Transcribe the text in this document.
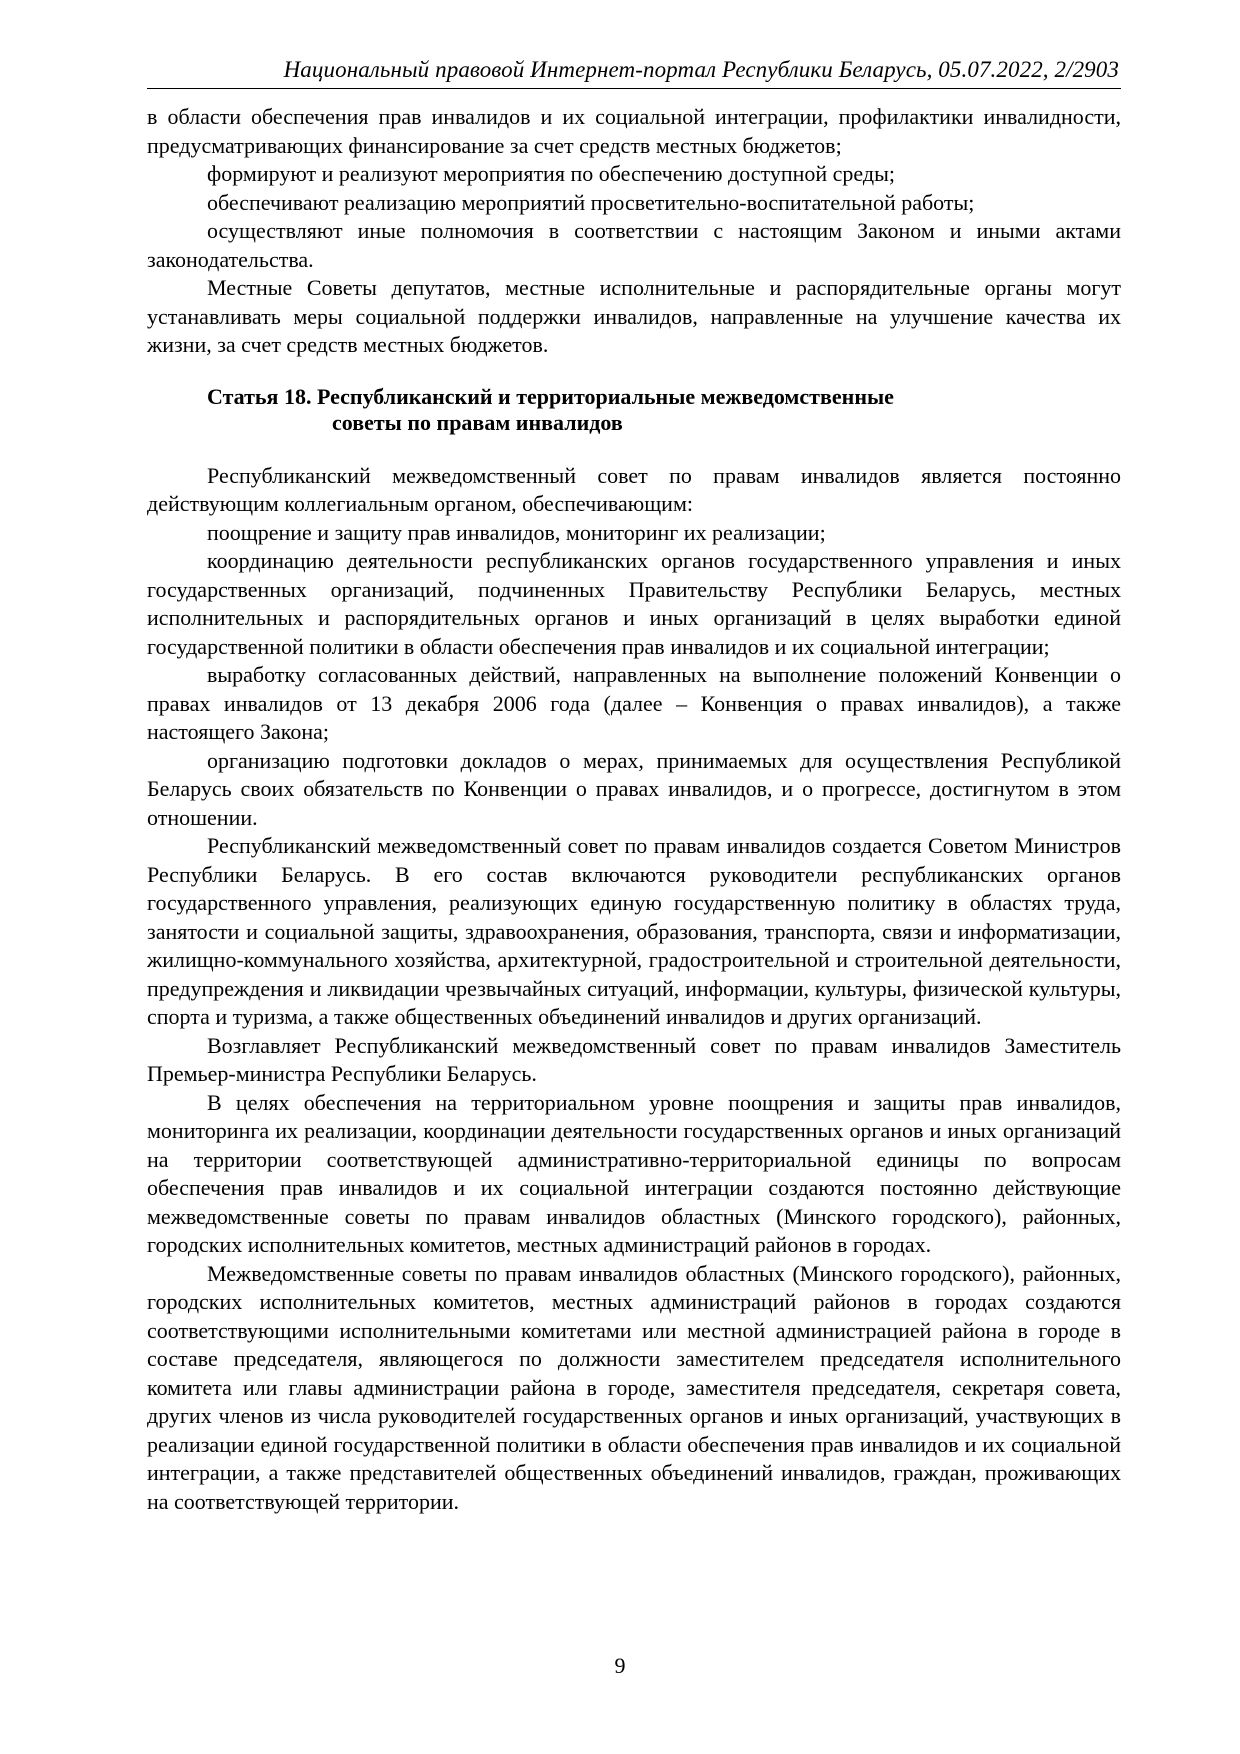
Национальный правовой Интернет-портал Республики Беларусь, 05.07.2022, 2/2903

в области обеспечения прав инвалидов и их социальной интеграции, профилактики инвалидности, предусматривающих финансирование за счет средств местных бюджетов;

формируют и реализуют мероприятия по обеспечению доступной среды;

обеспечивают реализацию мероприятий просветительно-воспитательной работы;

осуществляют иные полномочия в соответствии с настоящим Законом и иными актами законодательства.

Местные Советы депутатов, местные исполнительные и распорядительные органы могут устанавливать меры социальной поддержки инвалидов, направленные на улучшение качества их жизни, за счет средств местных бюджетов.

Статья 18. Республиканский и территориальные межведомственные
советы по правам инвалидов

Республиканский межведомственный совет по правам инвалидов является постоянно действующим коллегиальным органом, обеспечивающим:

поощрение и защиту прав инвалидов, мониторинг их реализации;

координацию деятельности республиканских органов государственного управления и иных государственных организаций, подчиненных Правительству Республики Беларусь, местных исполнительных и распорядительных органов и иных организаций в целях выработки единой государственной политики в области обеспечения прав инвалидов и их социальной интеграции;

выработку согласованных действий, направленных на выполнение положений Конвенции о правах инвалидов от 13 декабря 2006 года (далее – Конвенция о правах инвалидов), а также настоящего Закона;

организацию подготовки докладов о мерах, принимаемых для осуществления Республикой Беларусь своих обязательств по Конвенции о правах инвалидов, и о прогрессе, достигнутом в этом отношении.

Республиканский межведомственный совет по правам инвалидов создается Советом Министров Республики Беларусь. В его состав включаются руководители республиканских органов государственного управления, реализующих единую государственную политику в областях труда, занятости и социальной защиты, здравоохранения, образования, транспорта, связи и информатизации, жилищно-коммунального хозяйства, архитектурной, градостроительной и строительной деятельности, предупреждения и ликвидации чрезвычайных ситуаций, информации, культуры, физической культуры, спорта и туризма, а также общественных объединений инвалидов и других организаций.

Возглавляет Республиканский межведомственный совет по правам инвалидов Заместитель Премьер-министра Республики Беларусь.

В целях обеспечения на территориальном уровне поощрения и защиты прав инвалидов, мониторинга их реализации, координации деятельности государственных органов и иных организаций на территории соответствующей административно-территориальной единицы по вопросам обеспечения прав инвалидов и их социальной интеграции создаются постоянно действующие межведомственные советы по правам инвалидов областных (Минского городского), районных, городских исполнительных комитетов, местных администраций районов в городах.

Межведомственные советы по правам инвалидов областных (Минского городского), районных, городских исполнительных комитетов, местных администраций районов в городах создаются соответствующими исполнительными комитетами или местной администрацией района в городе в составе председателя, являющегося по должности заместителем председателя исполнительного комитета или главы администрации района в городе, заместителя председателя, секретаря совета, других членов из числа руководителей государственных органов и иных организаций, участвующих в реализации единой государственной политики в области обеспечения прав инвалидов и их социальной интеграции, а также представителей общественных объединений инвалидов, граждан, проживающих на соответствующей территории.

9
